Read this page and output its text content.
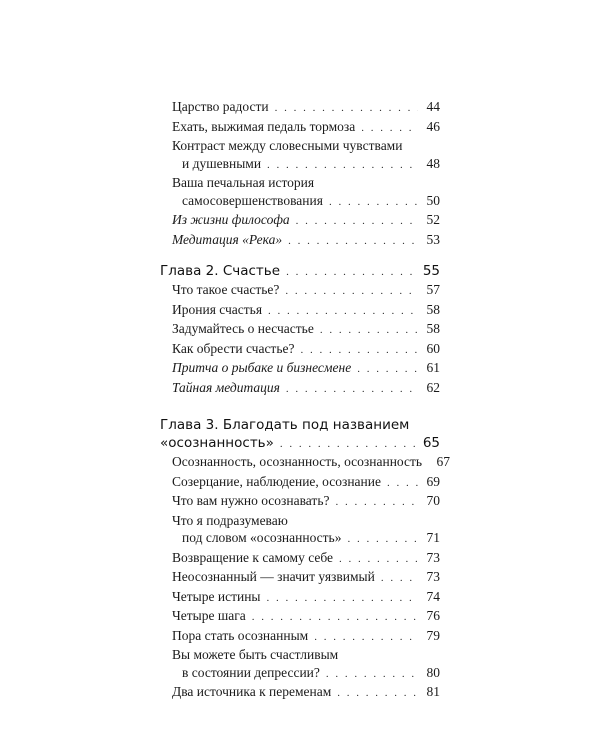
Царство радости . . .	44
Ехать, выжимая педаль тормоза . . .	46
Контраст между словесными чувствами
и душевными . . .	48
Ваша печальная история
самосовершенствования . . .	50
Из жизни философа . . .	52
Медитация «Река» . . .	53
Глава 2. Счастье . . .	55
Что такое счастье? . . .	57
Ирония счастья . . .	58
Задумайтесь о несчастье . . .	58
Как обрести счастье? . . .	60
Притча о рыбаке и бизнесмене . . .	61
Тайная медитация . . .	62
Глава 3. Благодать под названием
«осознанность» . . .	65
Осознанность, осознанность, осознанность 67
Созерцание, наблюдение, осознание . . .	69
Что вам нужно осознавать? . . .	70
Что я подразумеваю
под словом «осознанность» . . .	71
Возвращение к самому себе . . .	73
Неосознанный — значит уязвимый . . .	73
Четыре истины . . .	74
Четыре шага . . .	76
Пора стать осознанным . . .	79
Вы можете быть счастливым
в состоянии депрессии? . . .	80
Два источника к переменам . . .	81
